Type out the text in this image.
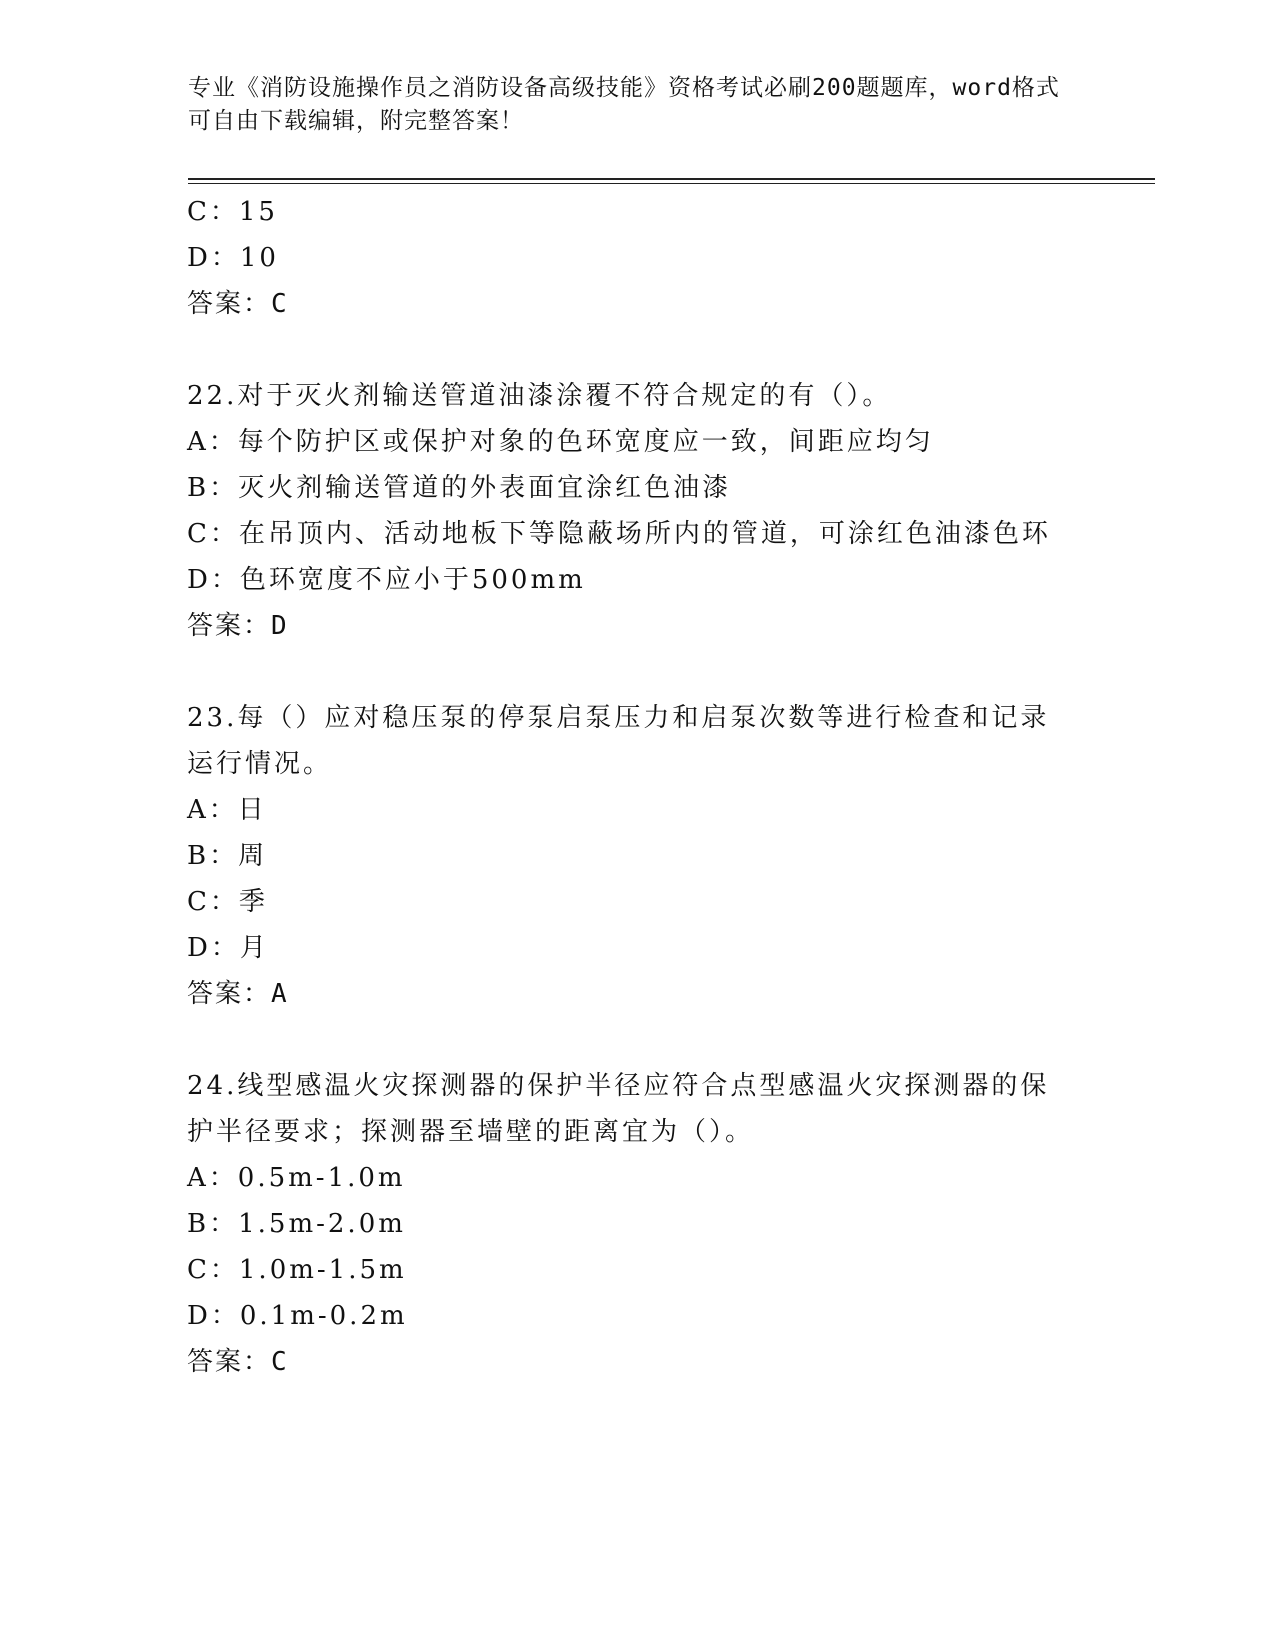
专业《消防设施操作员之消防设备高级技能》资格考试必刷200题题库，word格式可自由下载编辑，附完整答案！
C：15
D：10
答案：C
22.对于灭火剂输送管道油漆涂覆不符合规定的有（）。
A：每个防护区或保护对象的色环宽度应一致，间距应均匀
B：灭火剂输送管道的外表面宜涂红色油漆
C：在吊顶内、活动地板下等隐蔽场所内的管道，可涂红色油漆色环
D：色环宽度不应小于500mm
答案：D
23.每（）应对稳压泵的停泵启泵压力和启泵次数等进行检查和记录运行情况。
A：日
B：周
C：季
D：月
答案：A
24.线型感温火灾探测器的保护半径应符合点型感温火灾探测器的保护半径要求；探测器至墙壁的距离宜为（）。
A：0.5m-1.0m
B：1.5m-2.0m
C：1.0m-1.5m
D：0.1m-0.2m
答案：C
